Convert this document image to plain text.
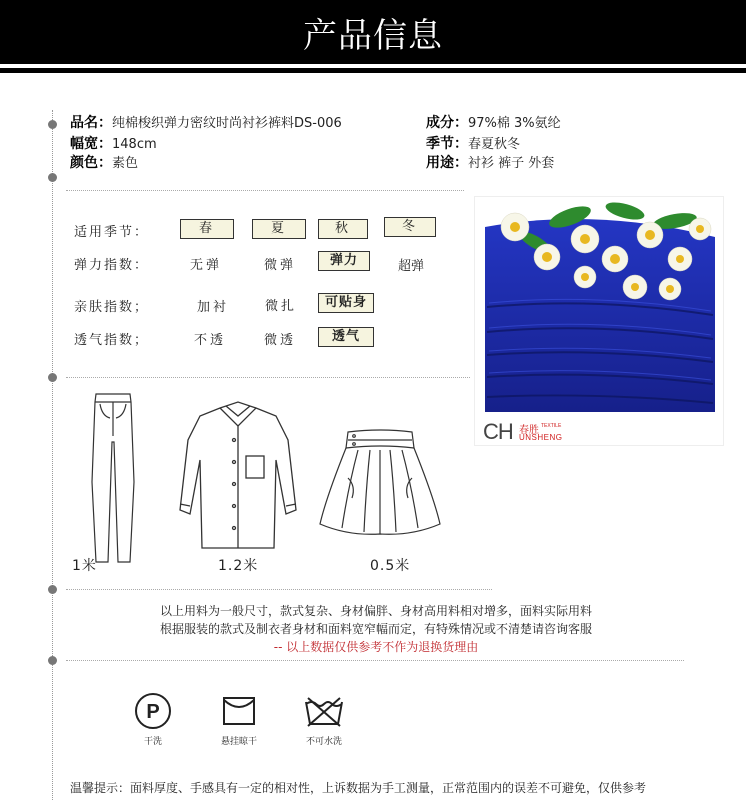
产品信息
品名：纯棉梭织弹力密纹时尚衬衫裤料DS-006
幅宽：148cm
颜色：素色
成分：97%棉 3%氨纶
季节：春夏秋冬
用途：衬衫 裤子 外套
适用季节：	春	夏	秋	冬
弹力指数：	无弹	微弹	弹力	超弹
亲肤指数；	加衬	微扎	可贴身
透气指数；	不透	微透	透气
CH 春胜 TEXTILE
UNSHENG
1米	1.2米	0.5米
以上用料为一般尺寸，款式复杂、身材偏胖、身材高用料相对增多，面料实际用料
根据服装的款式及制衣者身材和面料宽窄幅而定，有特殊情况或不清楚请咨询客服
-- 以上数据仅供参考不作为退换货理由
P
干洗	悬挂晾干	不可水洗
温馨提示：面料厚度、手感具有一定的相对性，上诉数据为手工测量，正常范围内的误差不可避免，仅供参考
